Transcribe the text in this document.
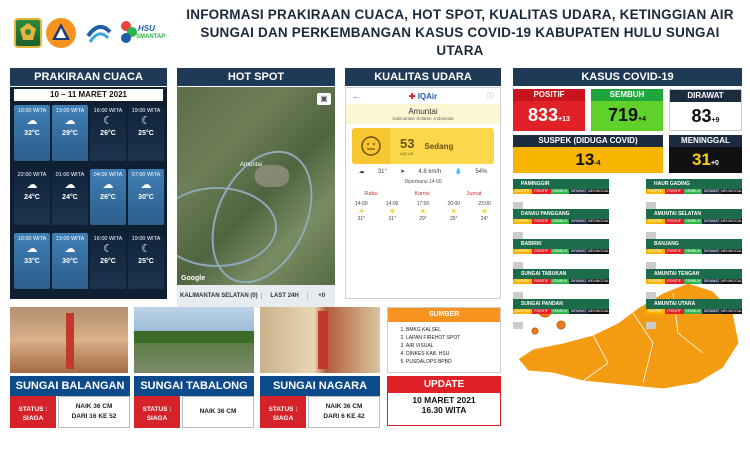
HSU
SMANTAP
INFORMASI PRAKIRAAN CUACA, HOT SPOT, KUALITAS UDARA, KETINGGIAN AIR
SUNGAI DAN PERKEMBANGAN KASUS COVID-19 KABUPATEN HULU SUNGAI UTARA
PRAKIRAAN CUACA
10 – 11 MARET 2021
10:00 WITA
☁
32°C
13:00 WITA
☁
29°C
16:00 WITA
☾
26°C
19:00 WITA
☾
25°C
22:00 WITA
☁
24°C
01:00 WITA
☁
24°C
04:00 WITA
☁
26°C
07:00 WITA
☁
30°C
10:00 WITA
☁
33°C
13:00 WITA
☁
30°C
16:00 WITA
☾
26°C
19:00 WITA
☾
25°C
HOT SPOT
Amuntai
▣
Google
KALIMANTAN SELATAN (0)	LAST 24H	+0
KUALITAS UDARA
←	✚ IQAir	ⓘ
Amuntai
Kalimantan Selatan, Indonesia
53
AQI US
Sedang
☁ 31° ➤ 4.8 km/h 💧 54%
Diperbarui 14:00
Rabu	Kamis	Jumat
14:00
☀
31°
14:00
☀
31°
17:00
☀
29°
20:00
☀
25°
23:00
☀
24°
KASUS COVID-19
POSITIF
833+13
SEMBUH
719+4
DIRAWAT
83+9
SUSPEK (DIDUGA COVID)
13-4
MENINGGAL
31+0
PAMINGGIR
SUSPEK	POSITIF	SEMBUH DIRAWAT MENINGGAL
DANAU PANGGANG
SUSPEK	POSITIF	SEMBUH DIRAWAT MENINGGAL
BABIRIK
SUSPEK	POSITIF	SEMBUH DIRAWAT MENINGGAL
SUNGAI TABUKAN
SUSPEK	POSITIF	SEMBUH DIRAWAT MENINGGAL
SUNGAI PANDAN
SUSPEK	POSITIF	SEMBUH DIRAWAT MENINGGAL
HAUR GADING
SUSPEK	POSITIF	SEMBUH DIRAWAT MENINGGAL
AMUNTAI SELATAN
SUSPEK	POSITIF	SEMBUH DIRAWAT MENINGGAL
BANJANG
SUSPEK	POSITIF	SEMBUH DIRAWAT MENINGGAL
AMUNTAI TENGAH
SUSPEK	POSITIF	SEMBUH DIRAWAT MENINGGAL
AMUNTAI UTARA
SUSPEK	POSITIF	SEMBUH DIRAWAT MENINGGAL
SUMBER
1. BMKG KALSEL
2. LAPAN FIREHOT SPOT
3. AIR VISUAL
4. DINKES KAB. HSU
5. PUSDALOPS BPBD
UPDATE
10 MARET 2021
16.30 WITA
SUNGAI BALANGAN
STATUS :
SIAGA
NAIK 36 CM
DARI 16 KE 52
SUNGAI TABALONG
STATUS :
SIAGA
NAIK 36 CM
SUNGAI NAGARA
STATUS :
SIAGA
NAIK 36 CM
DARI 6 KE 42
